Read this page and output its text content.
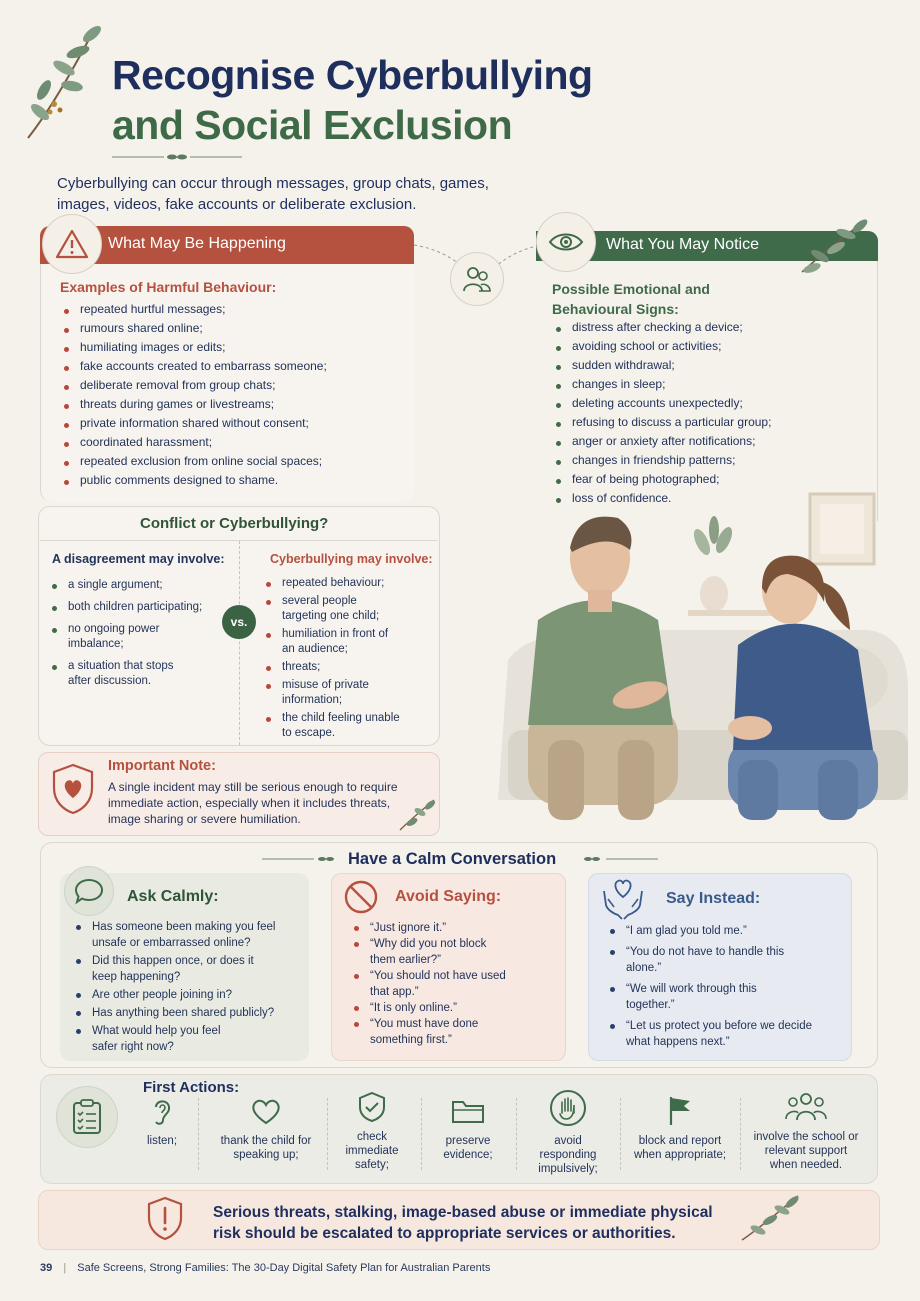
Recognise Cyberbullying
and Social Exclusion
Cyberbullying can occur through messages, group chats, games, images, videos, fake accounts or deliberate exclusion.
What May Be Happening
Examples of Harmful Behaviour:
repeated hurtful messages;
rumours shared online;
humiliating images or edits;
fake accounts created to embarrass someone;
deliberate removal from group chats;
threats during games or livestreams;
private information shared without consent;
coordinated harassment;
repeated exclusion from online social spaces;
public comments designed to shame.
What You May Notice
Possible Emotional and Behavioural Signs:
distress after checking a device;
avoiding school or activities;
sudden withdrawal;
changes in sleep;
deleting accounts unexpectedly;
refusing to discuss a particular group;
anger or anxiety after notifications;
changes in friendship patterns;
fear of being photographed;
loss of confidence.
Conflict or Cyberbullying?
A disagreement may involve:
a single argument;
both children participating;
no ongoing power imbalance;
a situation that stops after discussion.
vs.
Cyberbullying may involve:
repeated behaviour;
several people targeting one child;
humiliation in front of an audience;
threats;
misuse of private information;
the child feeling unable to escape.
Important Note:
A single incident may still be serious enough to require immediate action, especially when it includes threats, image sharing or severe humiliation.
Have a Calm Conversation
Ask Calmly:
Has someone been making you feel unsafe or embarrassed online?
Did this happen once, or does it keep happening?
Are other people joining in?
Has anything been shared publicly?
What would help you feel safer right now?
Avoid Saying:
“Just ignore it.”
“Why did you not block them earlier?”
“You should not have used that app.”
“It is only online.”
“You must have done something first.”
Say Instead:
“I am glad you told me.”
“You do not have to handle this alone.”
“We will work through this together.”
“Let us protect you before we decide what happens next.”
First Actions:
listen;	thank the child for speaking up;
check immediate safety;
preserve evidence;
avoid responding impulsively;
block and report when appropriate;
involve the school or relevant support when needed.
Serious threats, stalking, image-based abuse or immediate physical risk should be escalated to appropriate services or authorities.
39 | Safe Screens, Strong Families: The 30-Day Digital Safety Plan for Australian Parents
